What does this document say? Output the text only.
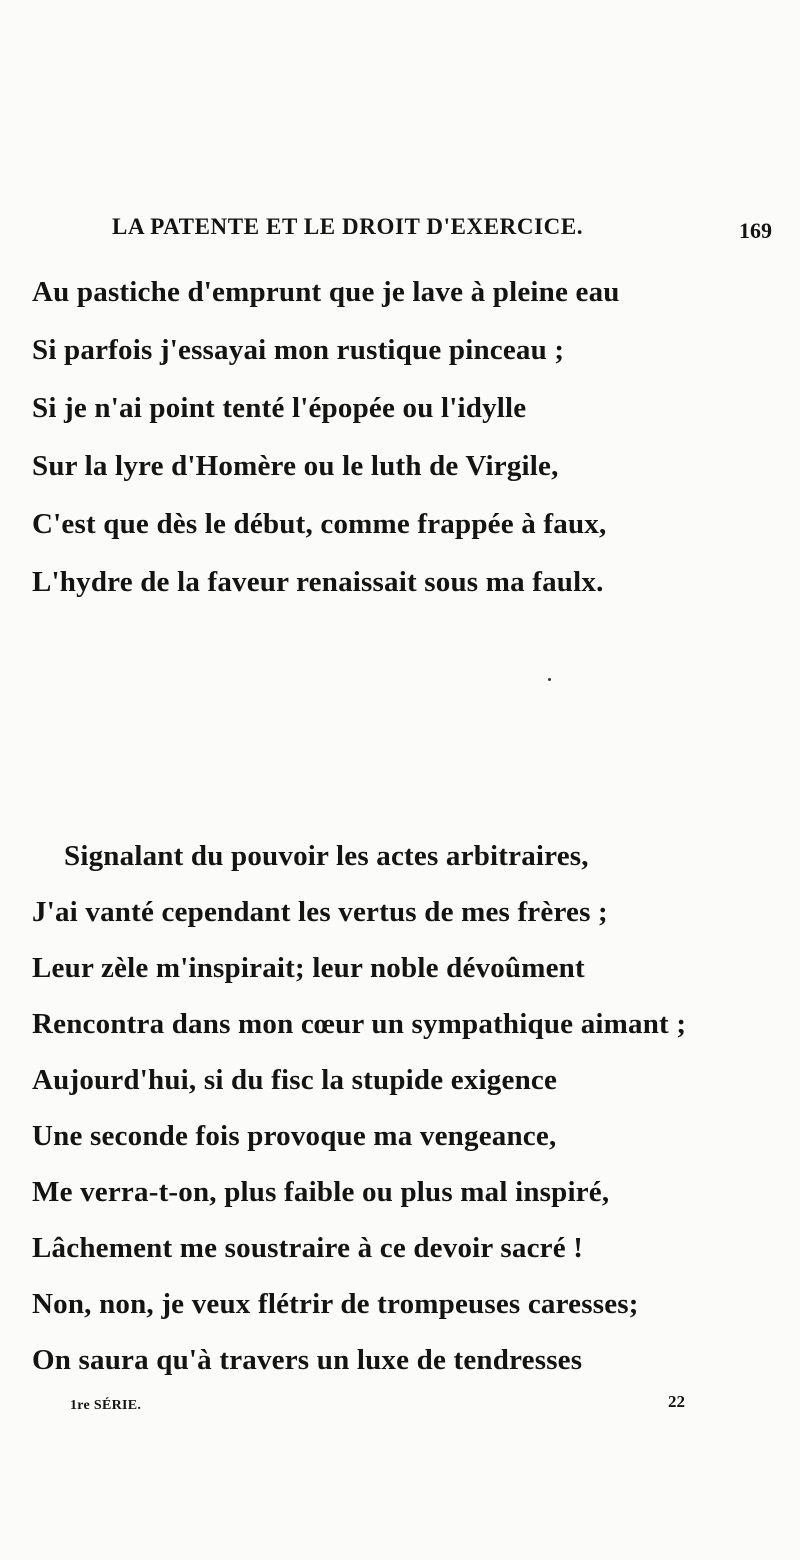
LA PATENTE ET LE DROIT D'EXERCICE.	169
Au pastiche d'emprunt que je lave à pleine eau
Si parfois j'essayai mon rustique pinceau ;
Si je n'ai point tenté l'épopée ou l'idylle
Sur la lyre d'Homère ou le luth de Virgile,
C'est que dès le début, comme frappée à faux,
L'hydre de la faveur renaissait sous ma faulx.
Signalant du pouvoir les actes arbitraires,
J'ai vanté cependant les vertus de mes frères ;
Leur zèle m'inspirait; leur noble dévoûment
Rencontra dans mon cœur un sympathique aimant ;
Aujourd'hui, si du fisc la stupide exigence
Une seconde fois provoque ma vengeance,
Me verra-t-on, plus faible ou plus mal inspiré,
Lâchement me soustraire à ce devoir sacré !
Non, non, je veux flétrir de trompeuses caresses;
On saura qu'à travers un luxe de tendresses
1re SÉRIE.	22
